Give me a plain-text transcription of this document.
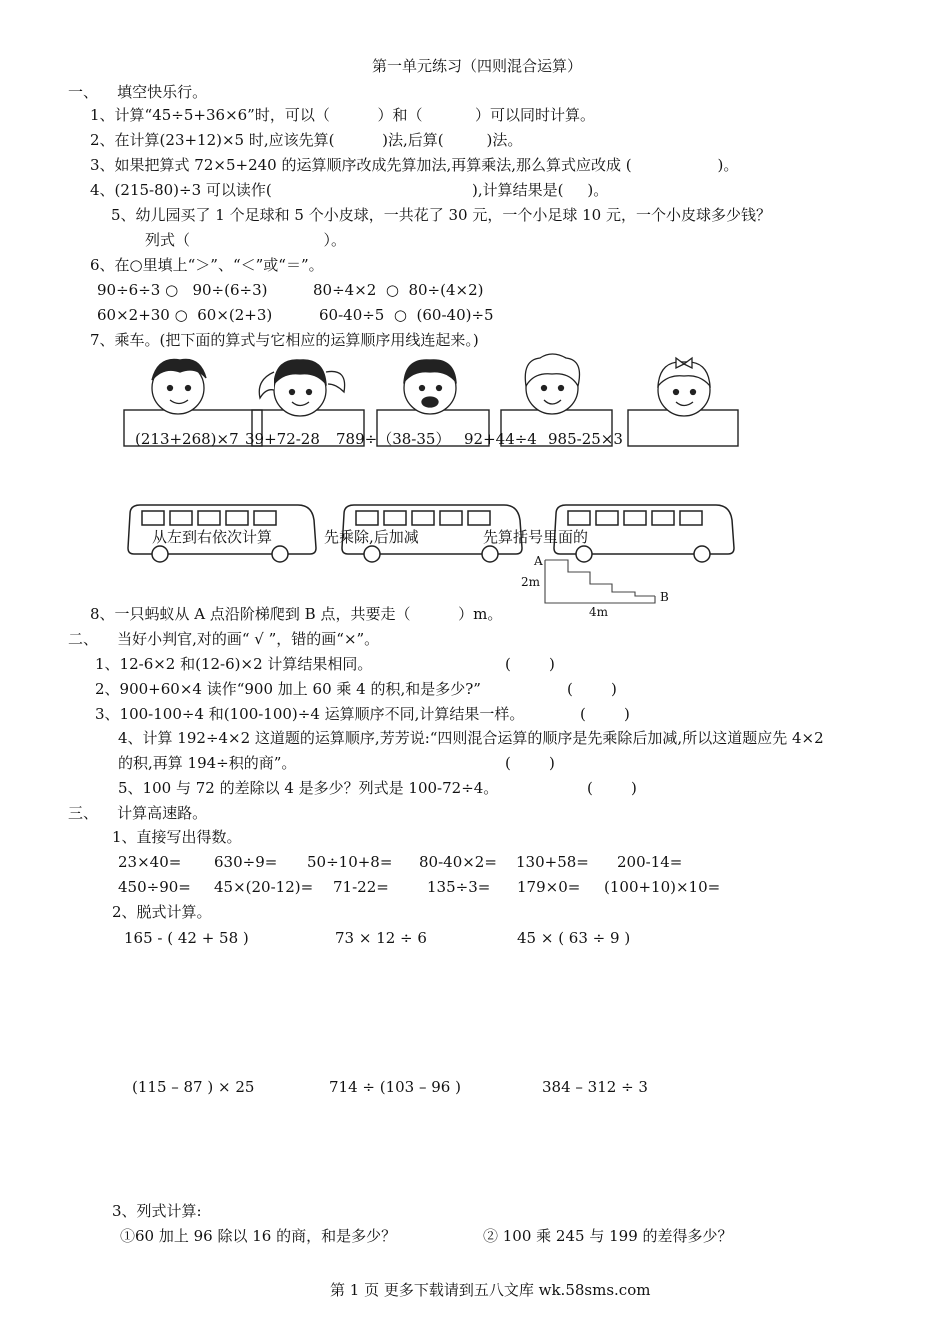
第一单元练习（四则混合运算）
一、    填空快乐行。
1、计算“45÷5+36×6”时，可以（          ）和（           ）可以同时计算。
2、在计算(23+12)×5 时,应该先算(          )法,后算(         )法。
3、如果把算式 72×5+240 的运算顺序改成先算加法,再算乘法,那么算式应改成 (                  )。
4、(215-80)÷3 可以读作(                                          ),计算结果是(     )。
5、幼儿园买了 1 个足球和 5 个小皮球，一共花了 30 元，一个小足球 10 元，一个小皮球多少钱？
列式（                            ）。
6、在○里填上“＞”、“＜”或“＝”。
90÷6÷3 ○   90÷(6÷3)	80÷4×2  ○  80÷(4×2)
60×2+30 ○  60×(2+3)	60-40÷5  ○  (60-40)÷5
7、乘车。(把下面的算式与它相应的运算顺序用线连起来。)
(213+268)×7 39+72-28 789÷（38-35） 92+44÷4 985-25×3
从左到右依次计算	先乘除,后加减	先算括号里面的
A
B
2m
4m
8、一只蚂蚁从 A 点沿阶梯爬到 B 点，共要走（          ）m。
二、    当好小判官,对的画“ √ ”，错的画“×”。
1、12-6×2 和(12-6)×2 计算结果相同。	(        )
2、900+60×4 读作“900 加上 60 乘 4 的积,和是多少?”	(        )
3、100-100÷4 和(100-100)÷4 运算顺序不同,计算结果一样。	(        )
4、计算 192÷4×2 这道题的运算顺序,芳芳说:“四则混合运算的顺序是先乘除后加减,所以这道题应先 4×2
的积,再算 194÷积的商”。	(        )
5、100 与 72 的差除以 4 是多少？列式是 100-72÷4。	(        )
三、    计算高速路。
1、直接写出得数。
23×40= 630÷9= 50÷10+8= 80-40×2= 130+58= 200-14=
450÷90= 45×(20-12)= 71-22=	135÷3= 179×0= (100+10)×10=
2、脱式计算。
165 - ( 42 + 58 )	73 × 12 ÷ 6	45 × ( 63 ÷ 9 )
(115 – 87 ) × 25	714 ÷ (103 – 96 )	384 – 312 ÷ 3
3、列式计算:
①60 加上 96 除以 16 的商，和是多少？	② 100 乘 245 与 199 的差得多少？
第 1 页 更多下载请到五八文库 wk.58sms.com
